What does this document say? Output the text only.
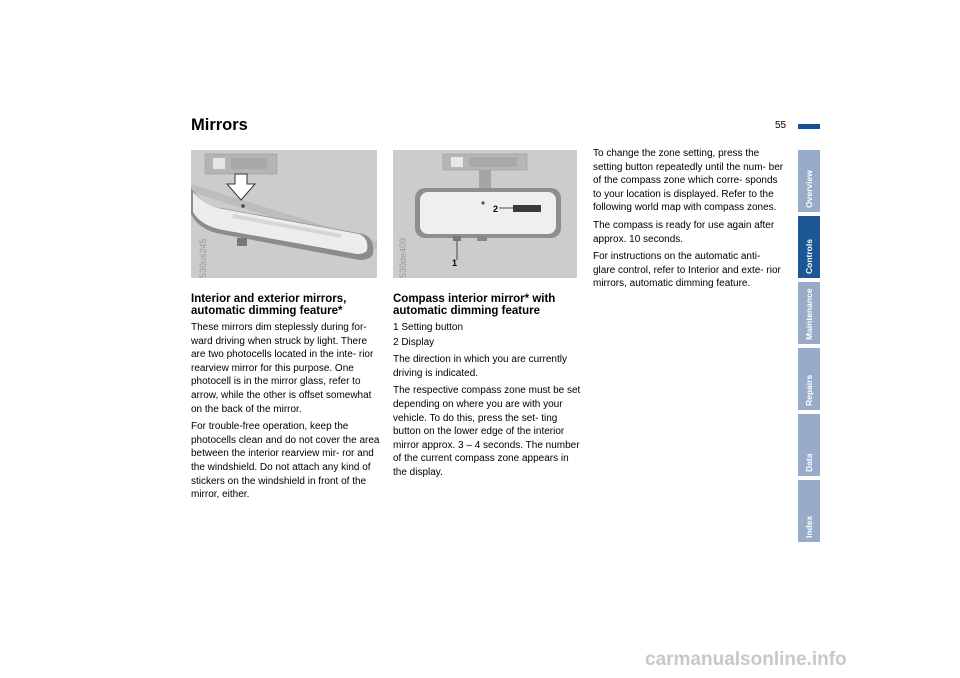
Mirrors	55
530us245
2
1
530de409
Interior and exterior mirrors, automatic dimming feature*

These mirrors dim steplessly during for- ward driving when struck by light. There are two photocells located in the inte- rior rearview mirror for this purpose. One photocell is in the mirror glass, refer to arrow, while the other is offset somewhat on the back of the mirror.

For trouble-free operation, keep the photocells clean and do not cover the area between the interior rearview mir- ror and the windshield. Do not attach any kind of stickers on the windshield in front of the mirror, either.

Compass interior mirror* with automatic dimming feature
1 Setting button

2 Display

The direction in which you are currently driving is indicated.

The respective compass zone must be set depending on where you are with your vehicle. To do this, press the set- ting button on the lower edge of the interior mirror approx. 3 – 4 seconds. The number of the current compass zone appears in the display.

To change the zone setting, press the setting button repeatedly until the num- ber of the compass zone which corre- sponds to your location is displayed. Refer to the following world map with compass zones.

The compass is ready for use again after approx. 10 seconds.

For instructions on the automatic anti- glare control, refer to Interior and exte- rior mirrors, automatic dimming feature.

Overview
Controls
Maintenance
Repairs
Data
Index
carmanualsonline.info
